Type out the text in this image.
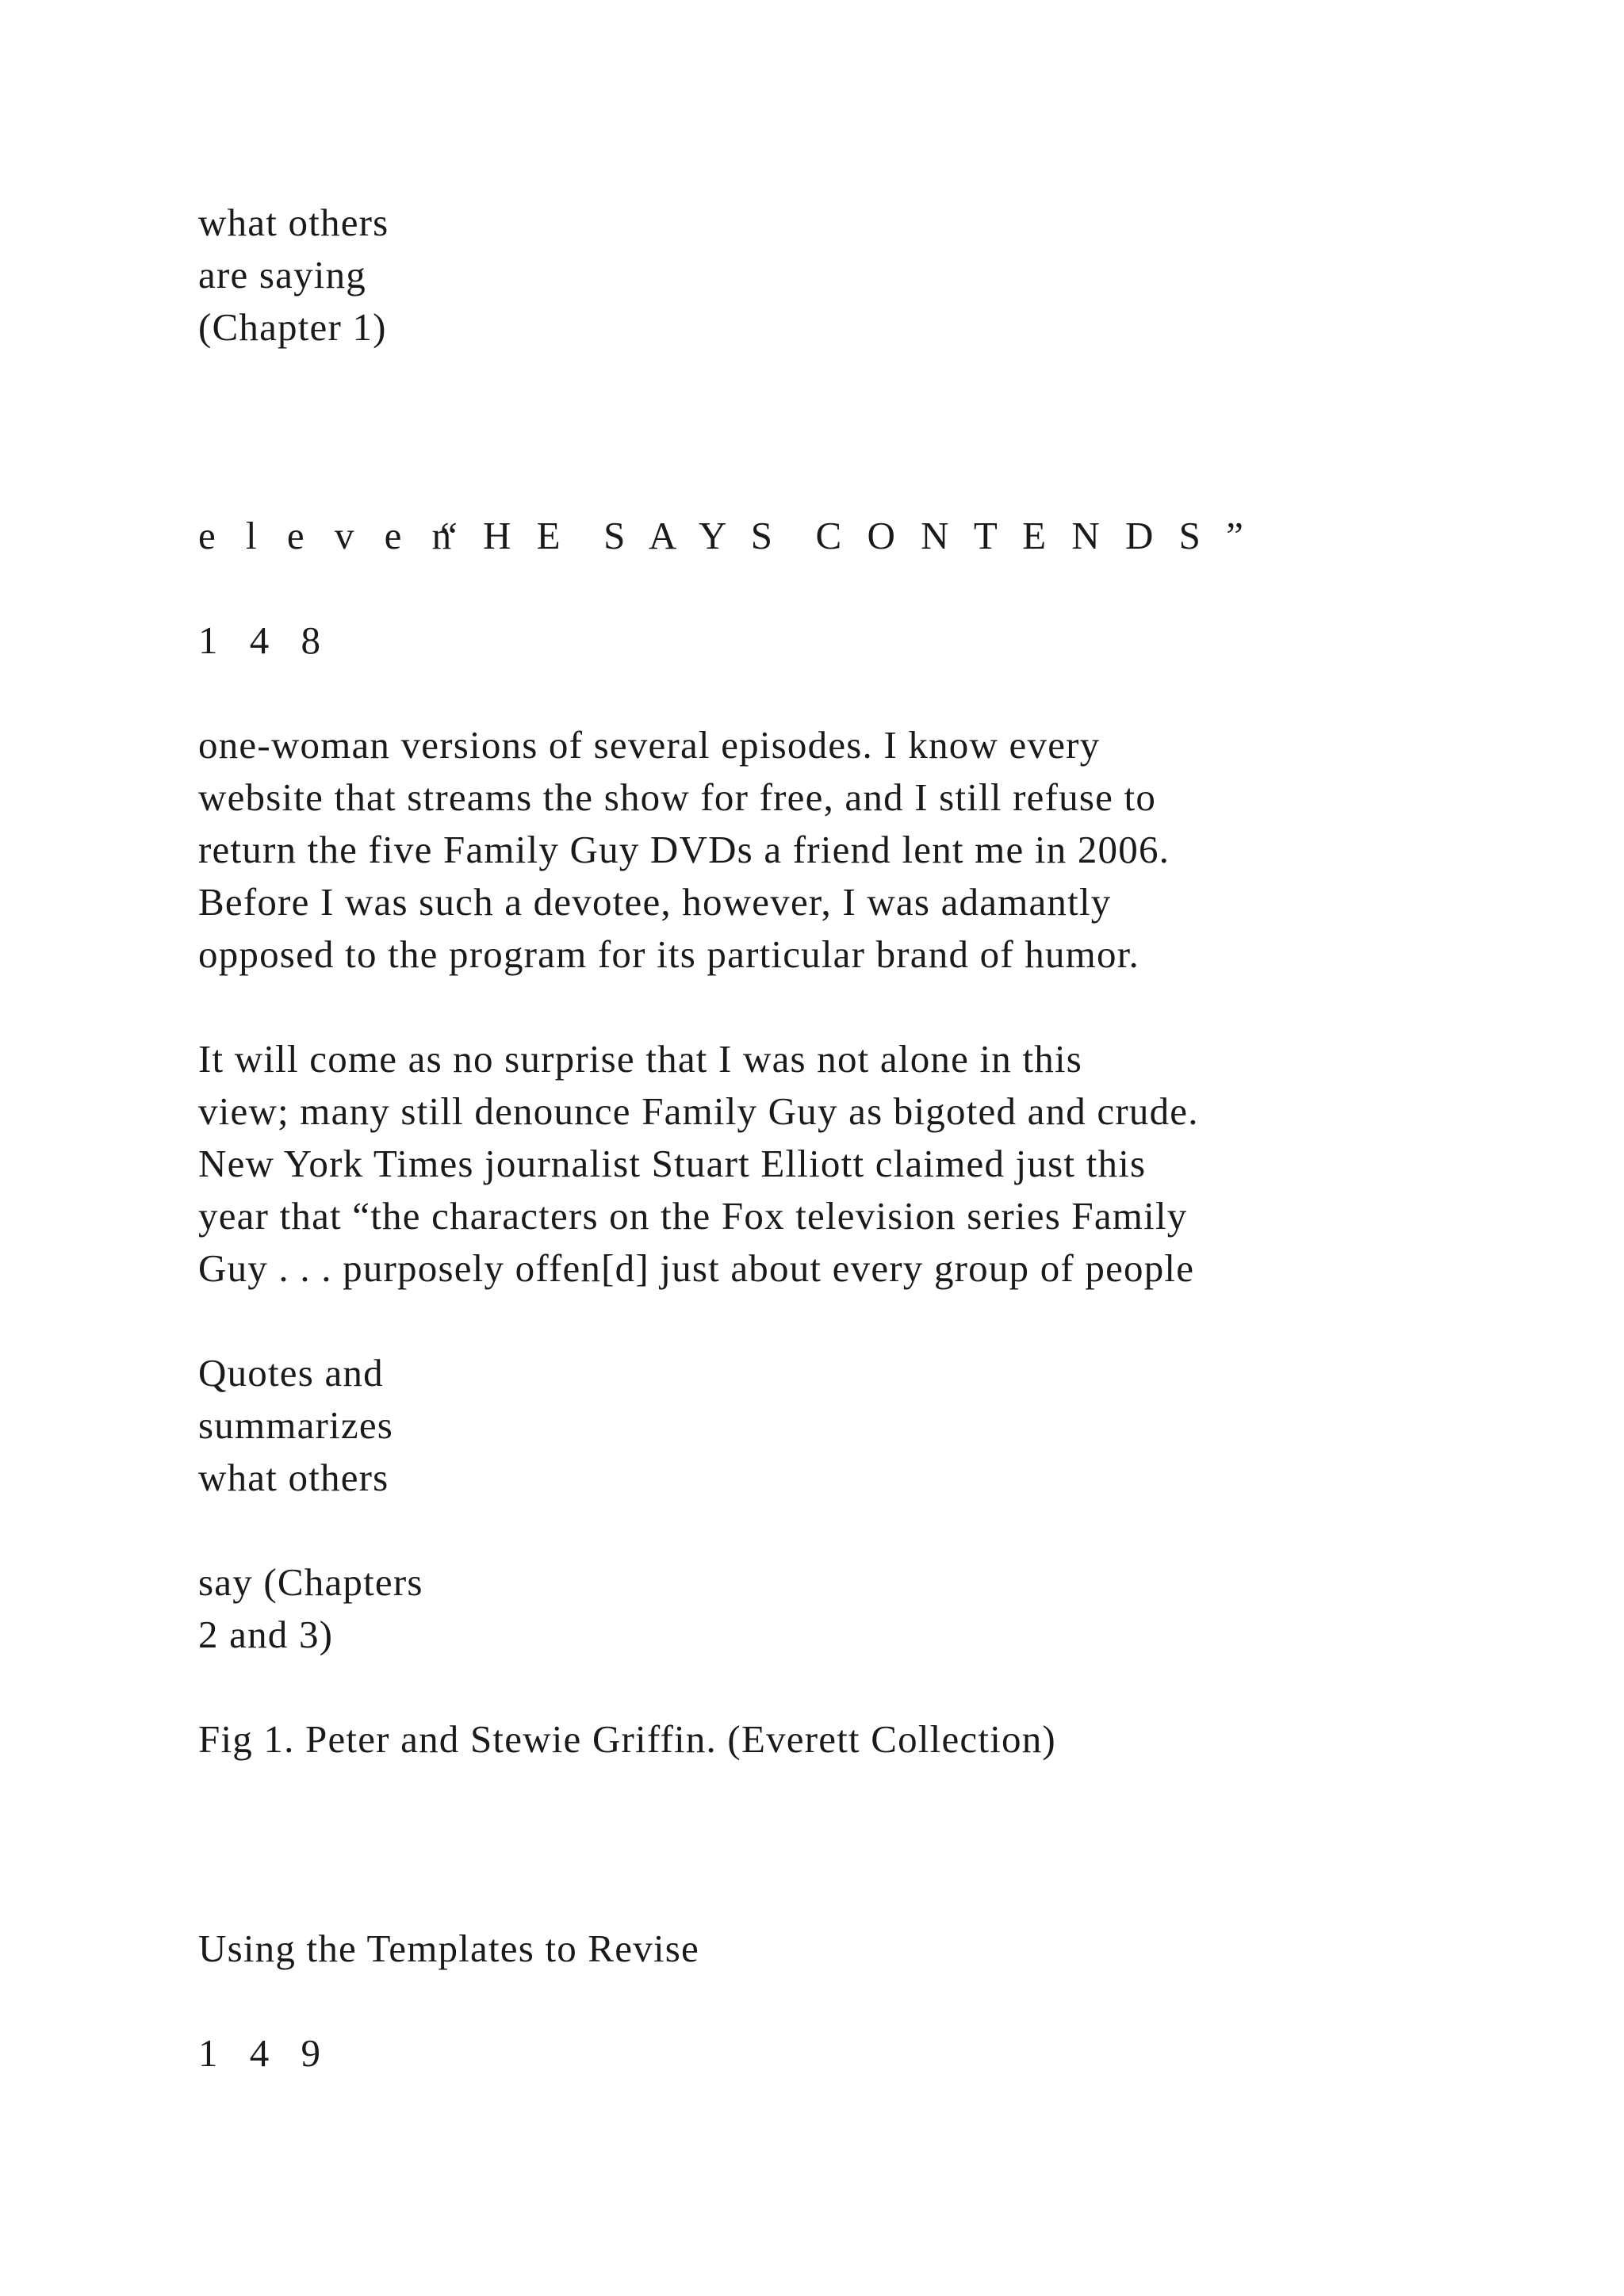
what others

are saying

(Chapter 1)

e l e v e n

“ H E  S A Y S  C O N T E N D S ”

1 4 8

one-woman versions of several episodes. I know every

website that streams the show for free, and I still refuse to

return the five Family Guy DVDs a friend lent me in 2006.

Before I was such a devotee, however, I was adamantly

opposed to the program for its particular brand of humor.

It will come as no surprise that I was not alone in this

view; many still denounce Family Guy as bigoted and crude.

New York Times journalist Stuart Elliott claimed just this

year that “the characters on the Fox television series Family

Guy . . . purposely offen[d] just about every group of people

Quotes and

summarizes

what others

say (Chapters

2 and 3)

Fig 1. Peter and Stewie Griffin. (Everett Collection)

Using the Templates to Revise

1 4 9
